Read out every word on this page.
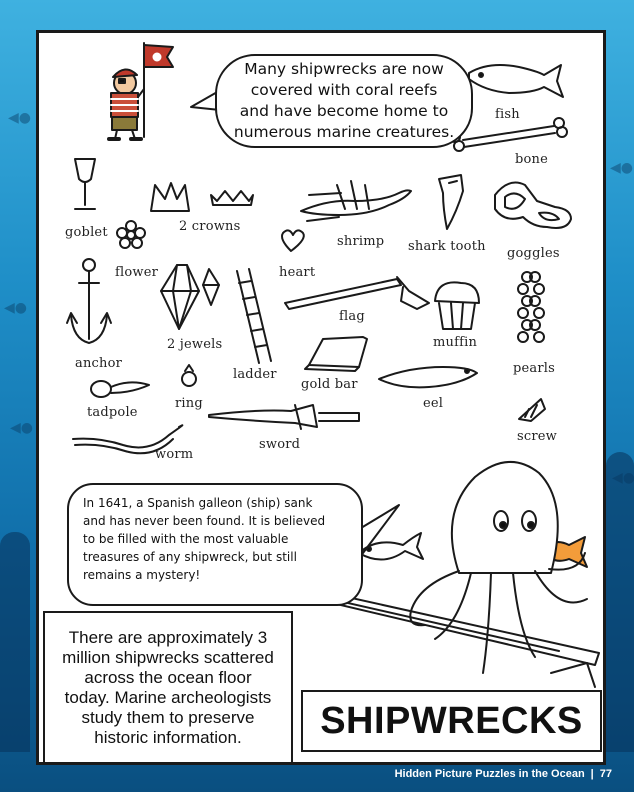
◀●
◀●
◀●
◀●
Many shipwrecks are now
covered with coral reefs
and have become home to
numerous marine creatures.
fish
bone
goblet	2 crowns
shrimp shark tooth goggles
flower	heart
flag
2 jewels	muffin
anchor	pearls
ladder
gold bar
ring	eel
tadpole
screw
sword
worm
In 1641, a Spanish galleon (ship) sank
and has never been found. It is believed
to be filled with the most valuable
treasures of any shipwreck, but still
remains a mystery!
There are approximately 3
million shipwrecks scattered
across the ocean floor
today. Marine archeologists
study them to preserve
historic information.	SHIPWRECKS
Hidden Picture Puzzles in the Ocean | 77
